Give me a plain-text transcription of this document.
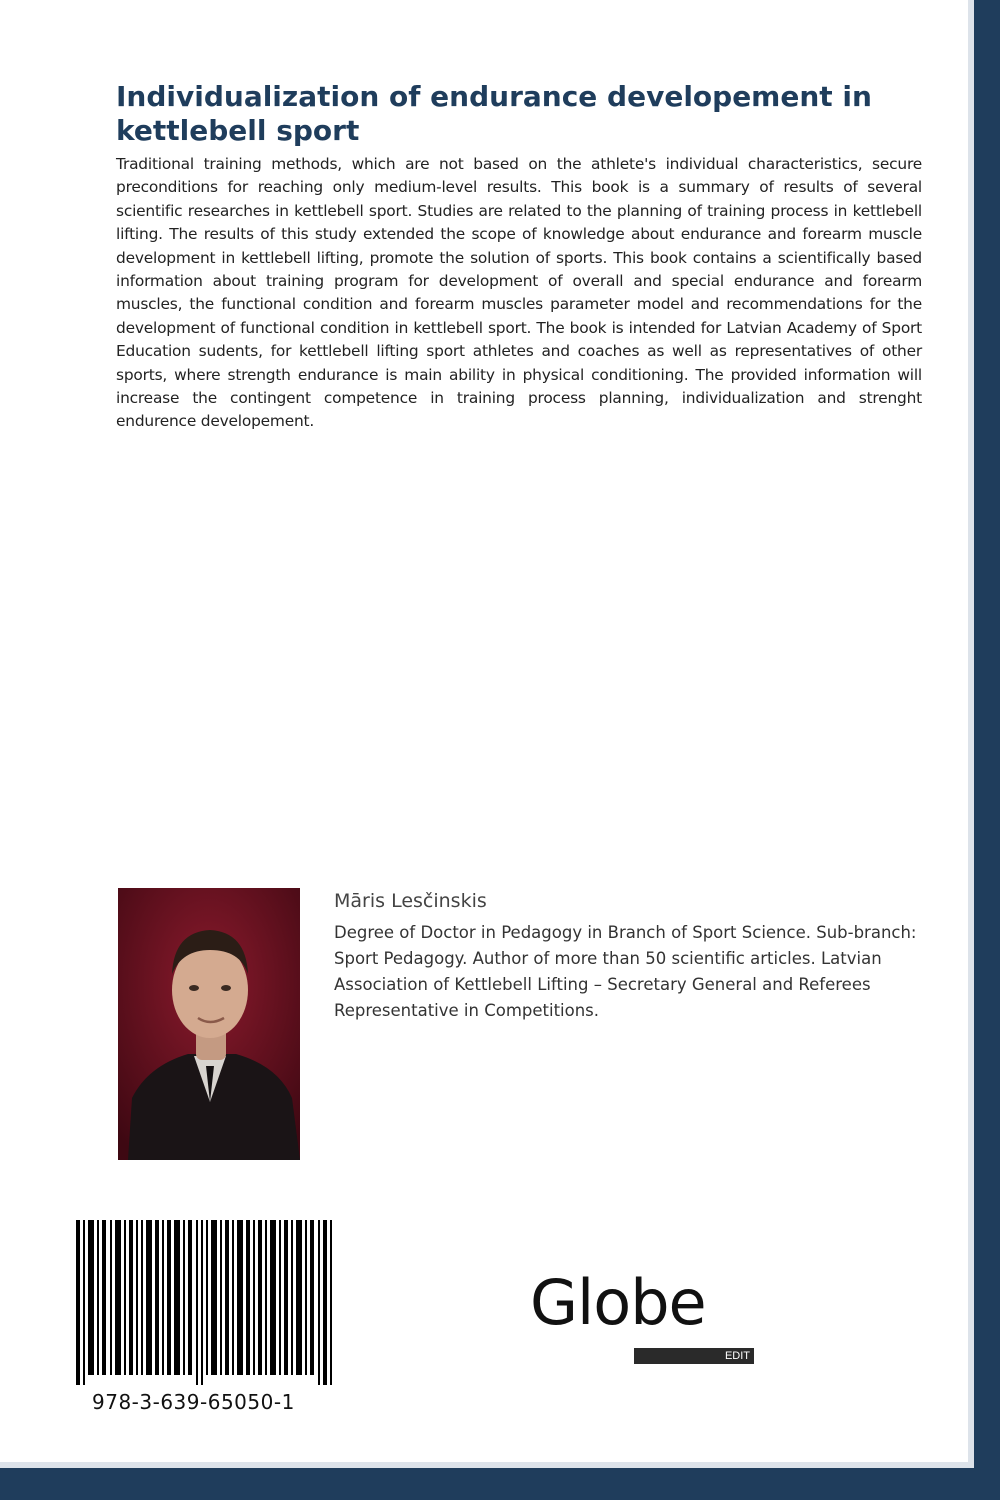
Individualization of endurance developement in kettlebell sport

Traditional training methods, which are not based on the athlete's individual characteristics, secure preconditions for reaching only medium-level results. This book is a summary of results of several scientific researches in kettlebell sport. Studies are related to the planning of training process in kettlebell lifting. The results of this study extended the scope of knowledge about endurance and forearm muscle development in kettlebell lifting, promote the solution of sports. This book contains a scientifically based information about training program for development of overall and special endurance and forearm muscles, the functional condition and forearm muscles parameter model and recommendations for the development of functional condition in kettlebell sport. The book is intended for Latvian Academy of Sport Education sudents, for kettlebell lifting sport athletes and coaches as well as representatives of other sports, where strength endurance is main ability in physical conditioning. The provided information will increase the contingent competence in training process planning, individualization and strenght endurence developement.

Māris Lesčinskis

Degree of Doctor in Pedagogy in Branch of Sport Science. Sub-branch: Sport Pedagogy. Author of more than 50 scientific articles. Latvian Association of Kettlebell Lifting – Secretary General and Referees Representative in Competitions.

978-3-639-65050-1

Globe

EDIT
